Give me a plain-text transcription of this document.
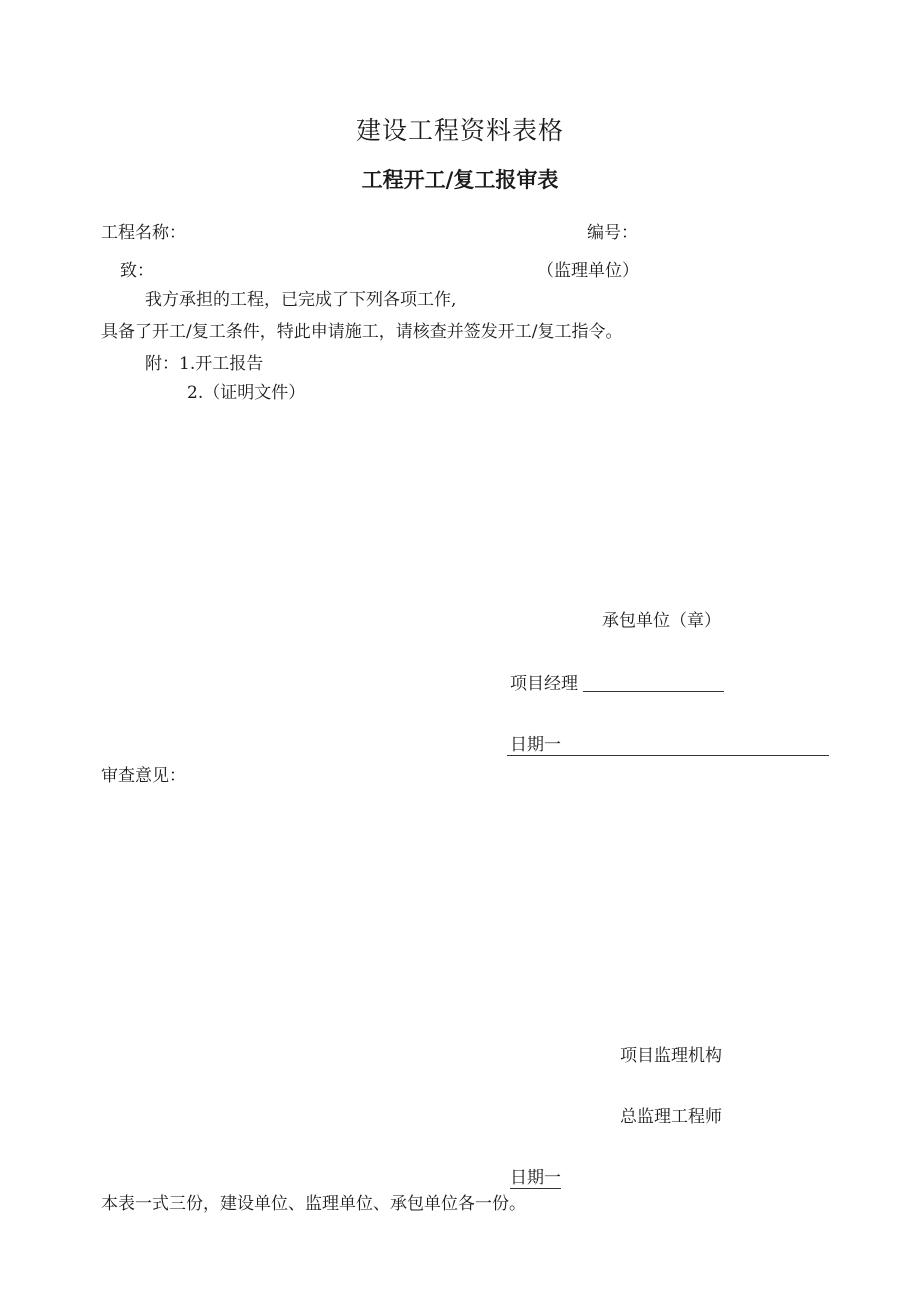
建设工程资料表格
工程开工/复工报审表
工程名称：	编号：
致：	（监理单位）
我方承担的工程，已完成了下列各项工作,
具备了开工/复工条件，特此申请施工，请核查并签发开工/复工指令。
附：1.开工报告
2.（证明文件）
承包单位（章）
项目经理
日期一
审查意见：
项目监理机构
总监理工程师
日期一
本表一式三份，建设单位、监理单位、承包单位各一份。
